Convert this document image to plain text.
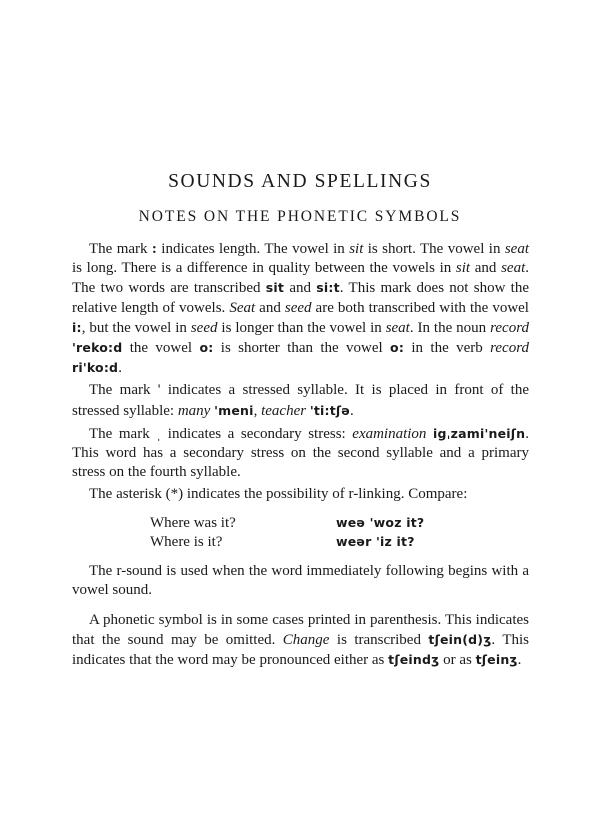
SOUNDS AND SPELLINGS
NOTES ON THE PHONETIC SYMBOLS

The mark : indicates length. The vowel in sit is short. The vowel in seat is long. There is a difference in quality between the vowels in sit and seat. The two words are transcribed sit and si:t. This mark does not show the relative length of vowels. Seat and seed are both transcribed with the vowel i:, but the vowel in seed is longer than the vowel in seat. In the noun record 'reko:d the vowel o: is shorter than the vowel o: in the verb record ri'ko:d.

The mark ' indicates a stressed syllable. It is placed in front of the stressed syllable: many 'meni, teacher 'ti:tʃə.

The mark ˌ indicates a secondary stress: examination igˌzami'neiʃn. This word has a secondary stress on the second syllable and a primary stress on the fourth syllable.

The asterisk (*) indicates the possibility of r-linking. Compare:

Where was it?	weə 'woz it?
Where is it?	weər 'iz it?

The r-sound is used when the word immediately following begins with a vowel sound.

A phonetic symbol is in some cases printed in parenthesis. This indicates that the sound may be omitted. Change is transcribed tʃein(d)ʒ. This indicates that the word may be pronounced either as tʃeindʒ or as tʃeinʒ.
